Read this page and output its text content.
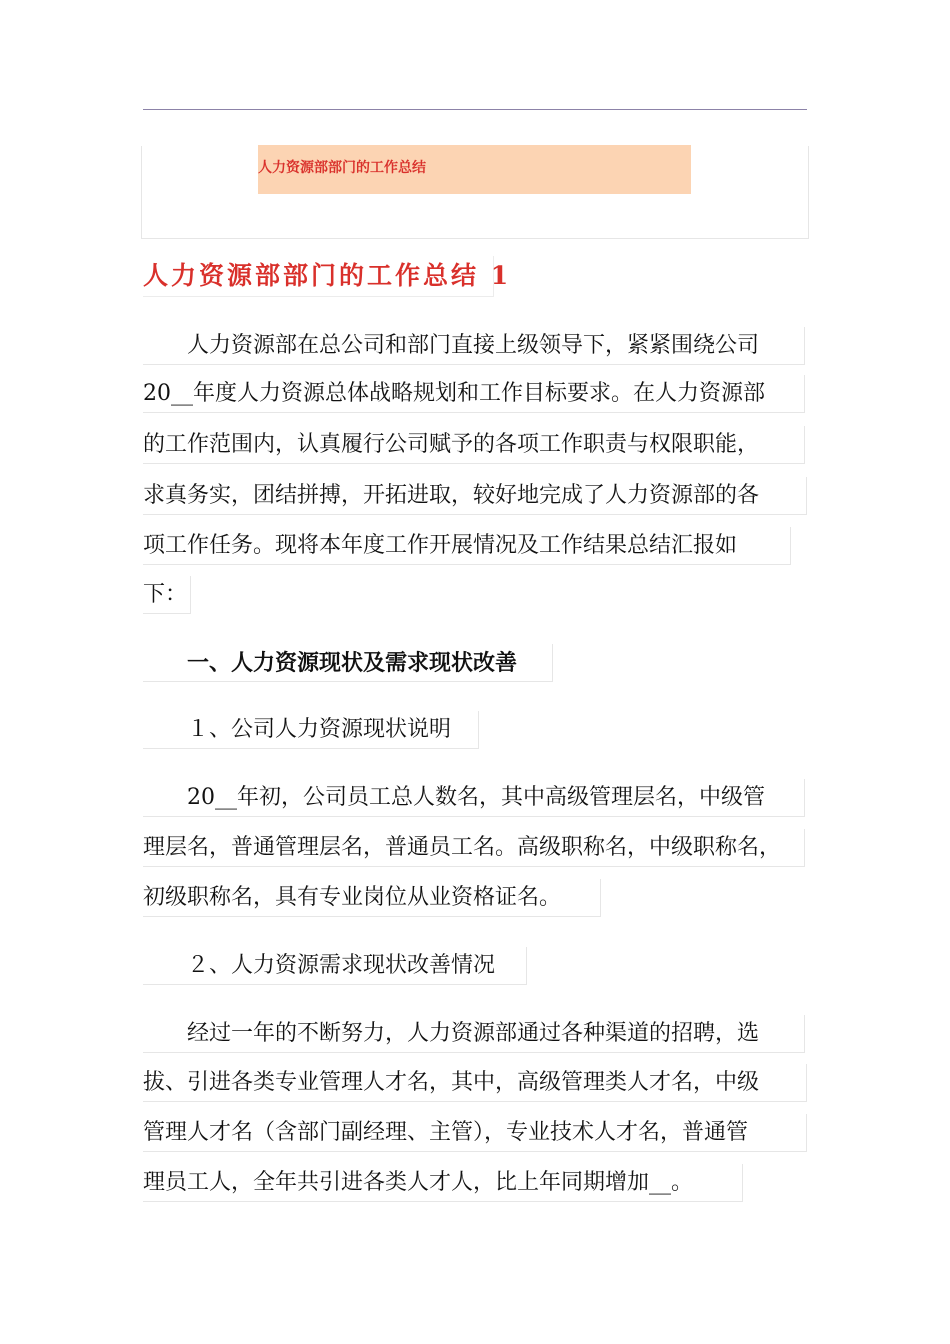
人力资源部部门的工作总结
人力资源部部门的工作总结 1
　　人力资源部在总公司和部门直接上级领导下，紧紧围绕公司
20__年度人力资源总体战略规划和工作目标要求。在人力资源部
的工作范围内，认真履行公司赋予的各项工作职责与权限职能，
求真务实，团结拼搏，开拓进取，较好地完成了人力资源部的各
项工作任务。现将本年度工作开展情况及工作结果总结汇报如
下：
　　一、人力资源现状及需求现状改善
　　１、公司人力资源现状说明
　　20__年初，公司员工总人数名，其中高级管理层名，中级管
理层名，普通管理层名，普通员工名。高级职称名，中级职称名，
初级职称名，具有专业岗位从业资格证名。
　　２、人力资源需求现状改善情况
　　经过一年的不断努力，人力资源部通过各种渠道的招聘，选
拔、引进各类专业管理人才名，其中，高级管理类人才名，中级
管理人才名（含部门副经理、主管），专业技术人才名，普通管
理员工人，全年共引进各类人才人，比上年同期增加__。
